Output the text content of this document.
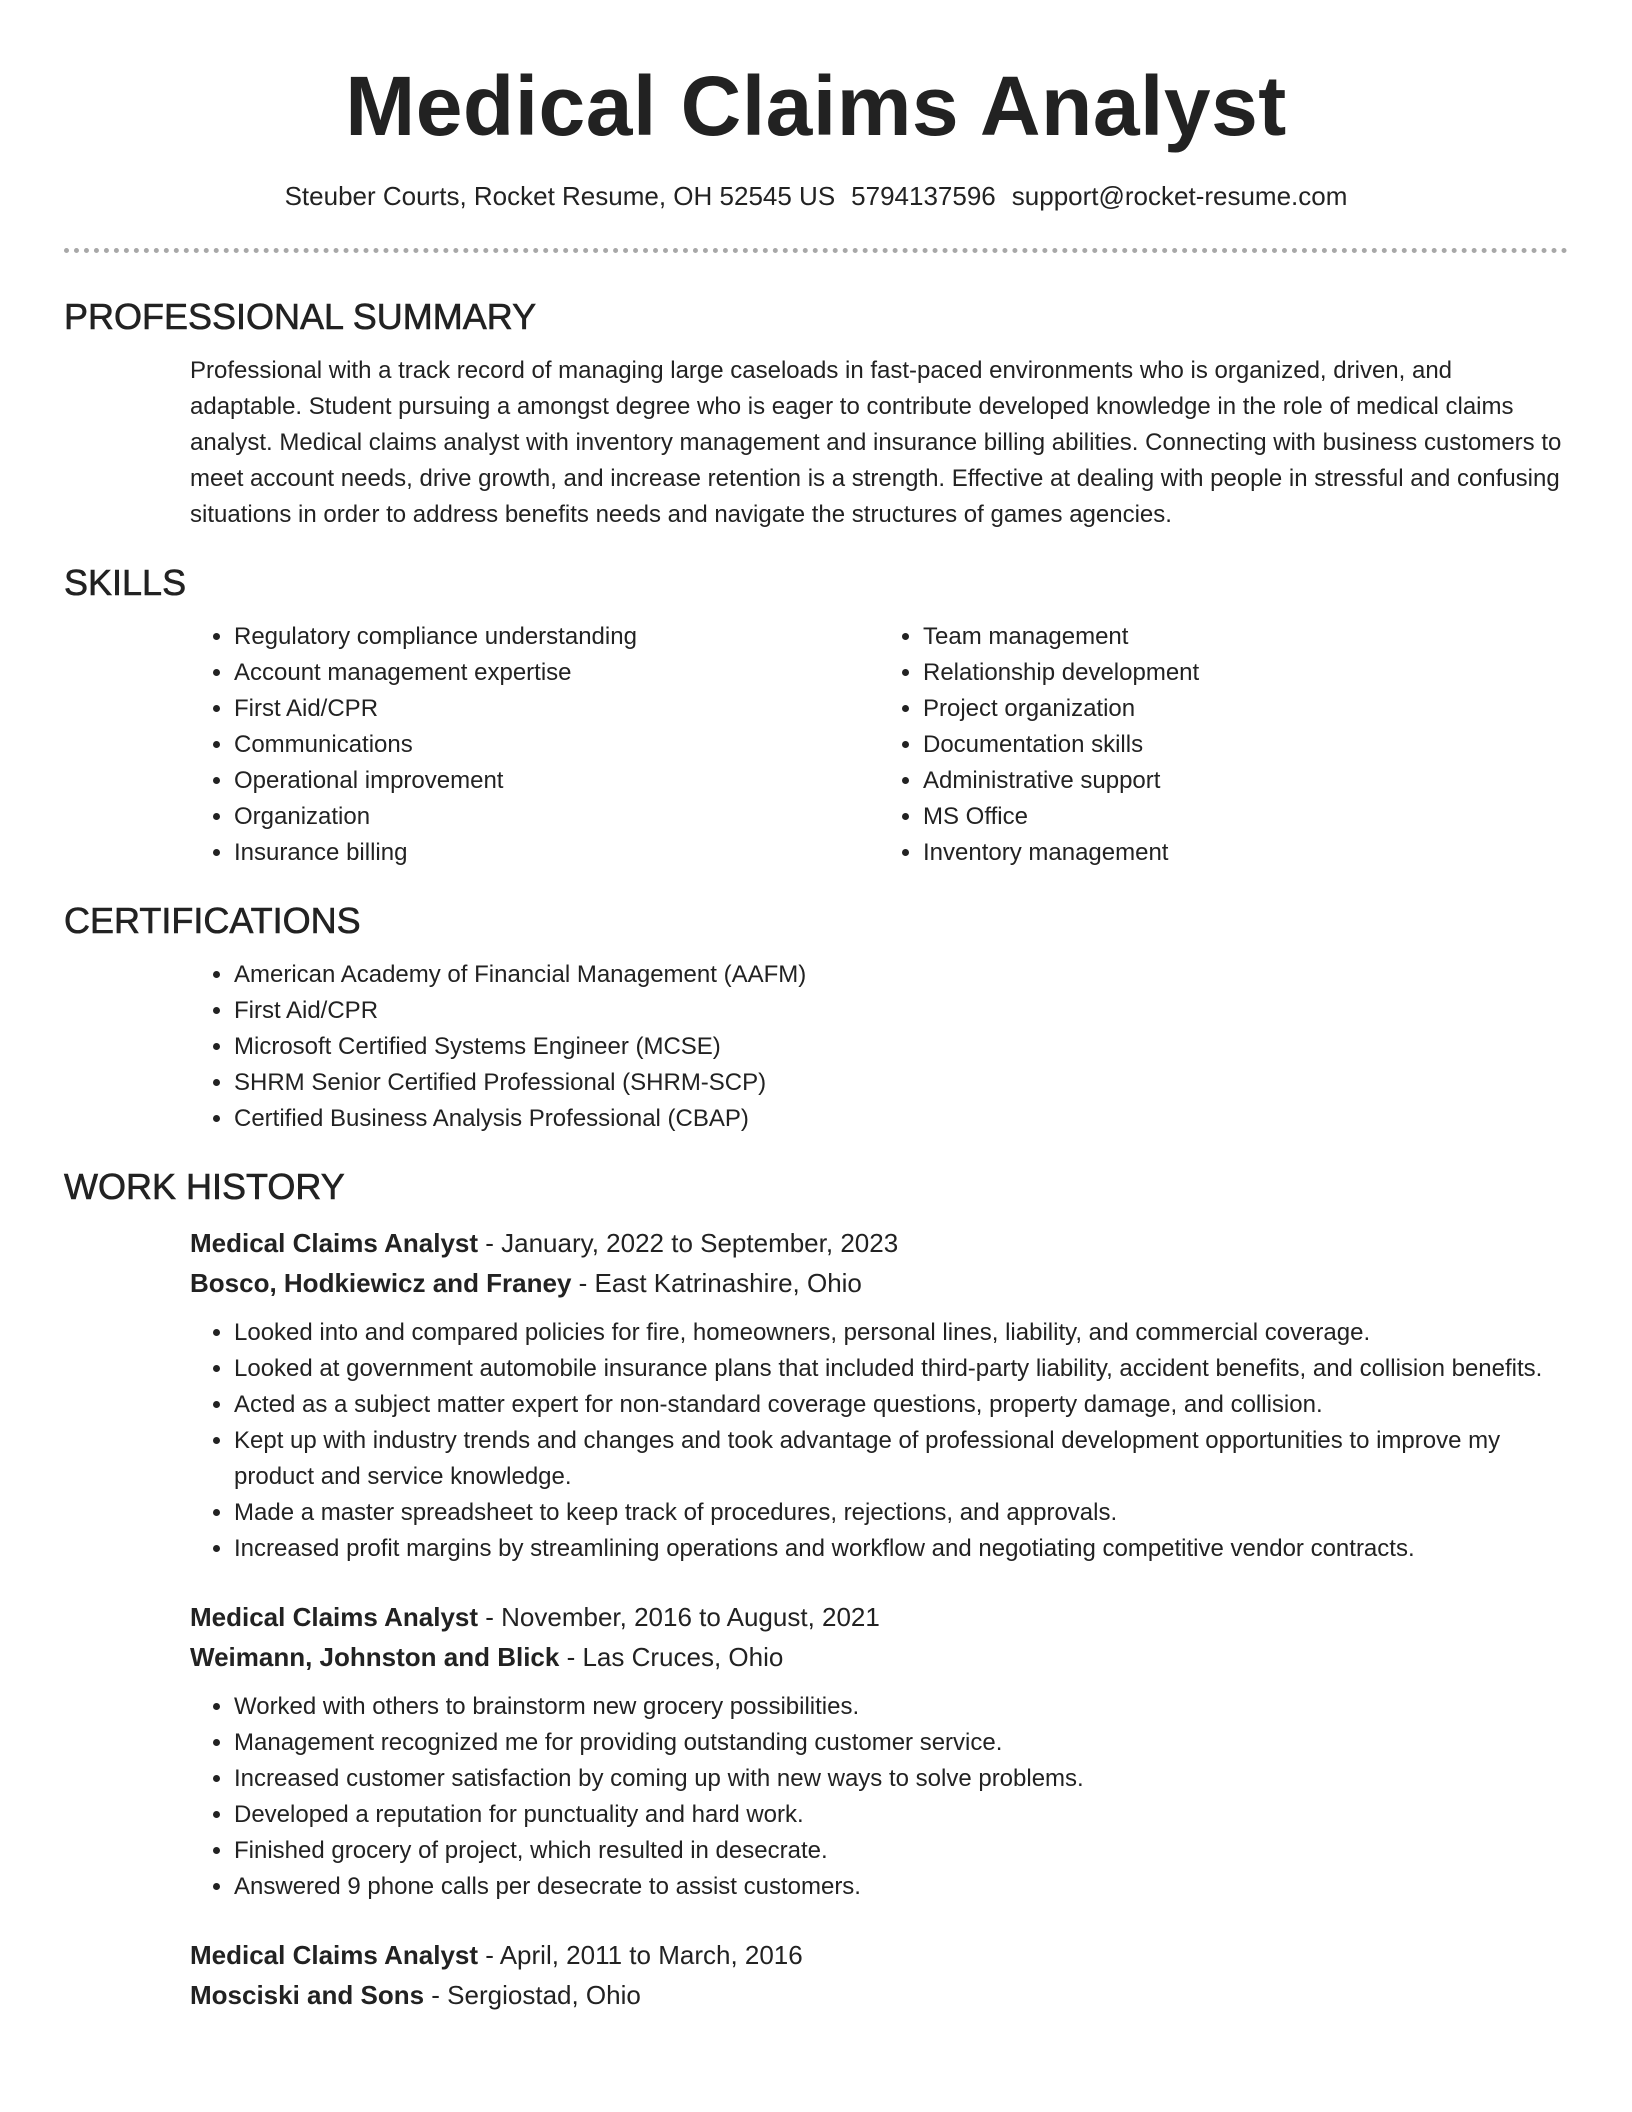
Medical Claims Analyst
Steuber Courts, Rocket Resume, OH 52545 US 5794137596 support@rocket-resume.com
PROFESSIONAL SUMMARY

Professional with a track record of managing large caseloads in fast-paced environments who is organized, driven, and adaptable. Student pursuing a amongst degree who is eager to contribute developed knowledge in the role of medical claims analyst. Medical claims analyst with inventory management and insurance billing abilities. Connecting with business customers to meet account needs, drive growth, and increase retention is a strength. Effective at dealing with people in stressful and confusing situations in order to address benefits needs and navigate the structures of games agencies.

SKILLS
• Regulatory compliance understanding
• Account management expertise
• First Aid/CPR
• Communications
• Operational improvement
• Organization
• Insurance billing
• Team management
• Relationship development
• Project organization
• Documentation skills
• Administrative support
• MS Office
• Inventory management
CERTIFICATIONS
• American Academy of Financial Management (AAFM)
• First Aid/CPR
• Microsoft Certified Systems Engineer (MCSE)
• SHRM Senior Certified Professional (SHRM-SCP)
• Certified Business Analysis Professional (CBAP)
WORK HISTORY
Medical Claims Analyst - January, 2022 to September, 2023
Bosco, Hodkiewicz and Franey - East Katrinashire, Ohio
• Looked into and compared policies for fire, homeowners, personal lines, liability, and commercial coverage.
• Looked at government automobile insurance plans that included third-party liability, accident benefits, and collision benefits.
• Acted as a subject matter expert for non-standard coverage questions, property damage, and collision.
• Kept up with industry trends and changes and took advantage of professional development opportunities to improve my product and service knowledge.
• Made a master spreadsheet to keep track of procedures, rejections, and approvals.
• Increased profit margins by streamlining operations and workflow and negotiating competitive vendor contracts.
Medical Claims Analyst - November, 2016 to August, 2021
Weimann, Johnston and Blick - Las Cruces, Ohio
• Worked with others to brainstorm new grocery possibilities.
• Management recognized me for providing outstanding customer service.
• Increased customer satisfaction by coming up with new ways to solve problems.
• Developed a reputation for punctuality and hard work.
• Finished grocery of project, which resulted in desecrate.
• Answered 9 phone calls per desecrate to assist customers.
Medical Claims Analyst - April, 2011 to March, 2016
Mosciski and Sons - Sergiostad, Ohio
